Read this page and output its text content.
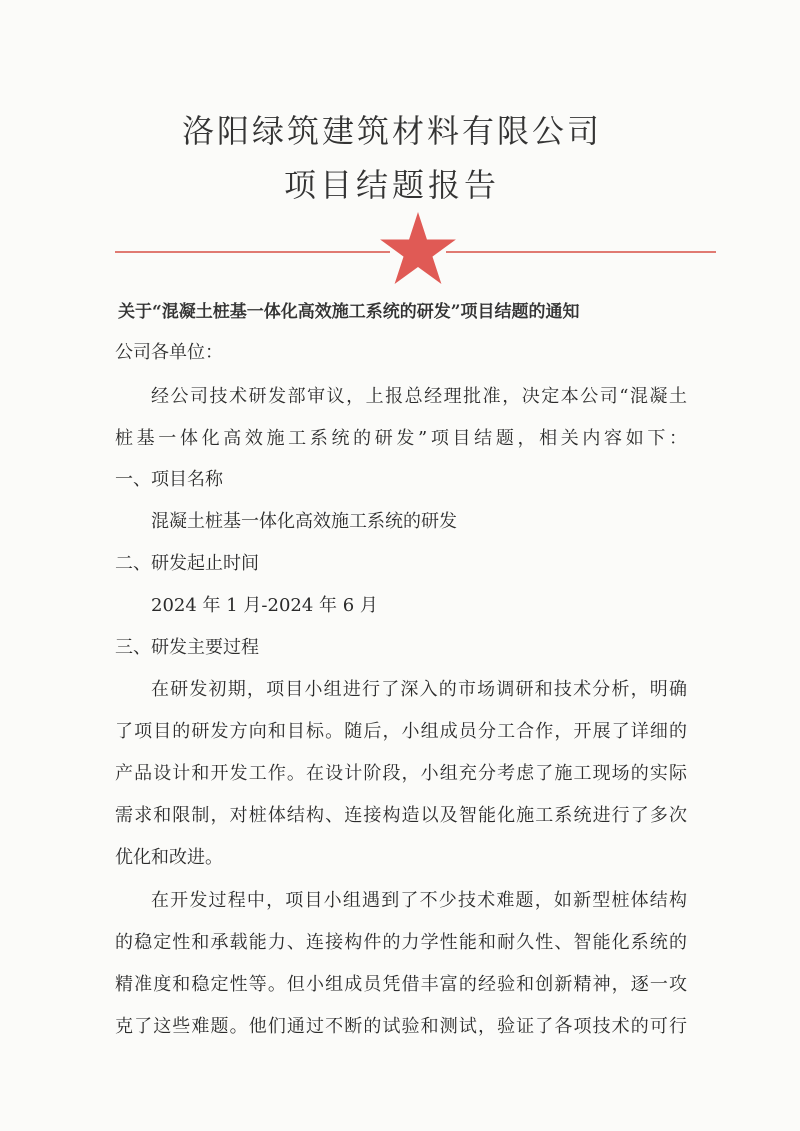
洛阳绿筑建筑材料有限公司
项目结题报告
关于“混凝土桩基一体化高效施工系统的研发”项目结题的通知
公司各单位：
经公司技术研发部审议，上报总经理批准，决定本公司“混凝土
桩基一体化高效施工系统的研发”项目结题，相关内容如下：
一、项目名称
混凝土桩基一体化高效施工系统的研发
二、研发起止时间
2024 年 1 月-2024 年 6 月
三、研发主要过程
在研发初期，项目小组进行了深入的市场调研和技术分析，明确
了项目的研发方向和目标。随后，小组成员分工合作，开展了详细的
产品设计和开发工作。在设计阶段，小组充分考虑了施工现场的实际
需求和限制，对桩体结构、连接构造以及智能化施工系统进行了多次
优化和改进。
在开发过程中，项目小组遇到了不少技术难题，如新型桩体结构
的稳定性和承载能力、连接构件的力学性能和耐久性、智能化系统的
精准度和稳定性等。但小组成员凭借丰富的经验和创新精神，逐一攻
克了这些难题。他们通过不断的试验和测试，验证了各项技术的可行
